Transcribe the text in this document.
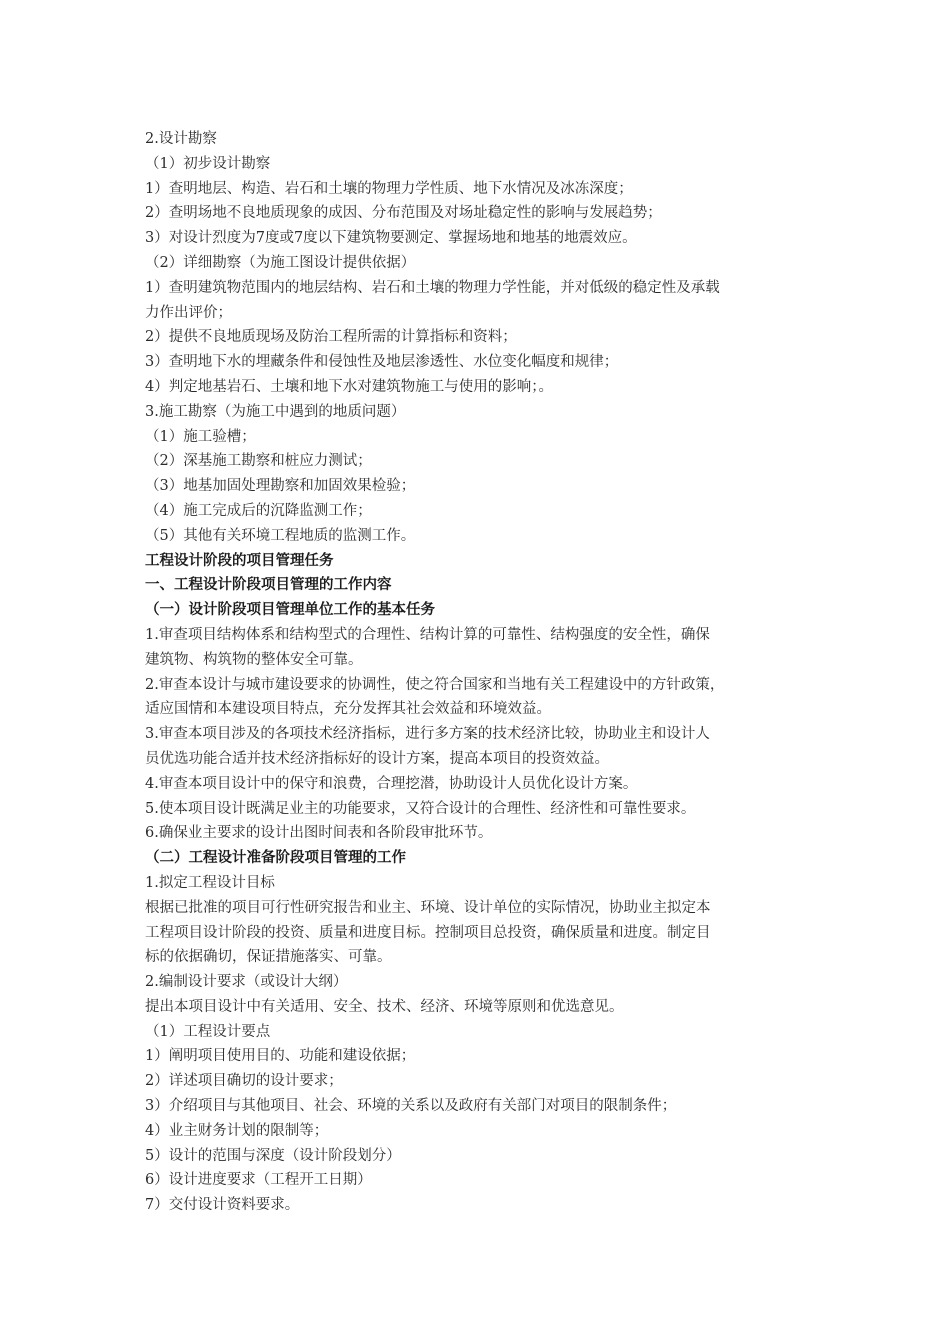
2.设计勘察

（1）初步设计勘察

1）查明地层、构造、岩石和土壤的物理力学性质、地下水情况及冰冻深度；

2）查明场地不良地质现象的成因、分布范围及对场址稳定性的影响与发展趋势；

3）对设计烈度为7度或7度以下建筑物要测定、掌握场地和地基的地震效应。

（2）详细勘察（为施工图设计提供依据）

1）查明建筑物范围内的地层结构、岩石和土壤的物理力学性能，并对低级的稳定性及承载

力作出评价；

2）提供不良地质现场及防治工程所需的计算指标和资料；

3）查明地下水的埋藏条件和侵蚀性及地层渗透性、水位变化幅度和规律；

4）判定地基岩石、土壤和地下水对建筑物施工与使用的影响；。

3.施工勘察（为施工中遇到的地质问题）

（1）施工验槽；

（2）深基施工勘察和桩应力测试；

（3）地基加固处理勘察和加固效果检验；

（4）施工完成后的沉降监测工作；

（5）其他有关环境工程地质的监测工作。

工程设计阶段的项目管理任务

一、工程设计阶段项目管理的工作内容

（一）设计阶段项目管理单位工作的基本任务

1.审查项目结构体系和结构型式的合理性、结构计算的可靠性、结构强度的安全性，确保

建筑物、构筑物的整体安全可靠。

2.审查本设计与城市建设要求的协调性，使之符合国家和当地有关工程建设中的方针政策，

适应国情和本建设项目特点，充分发挥其社会效益和环境效益。

3.审查本项目涉及的各项技术经济指标，进行多方案的技术经济比较，协助业主和设计人

员优选功能合适并技术经济指标好的设计方案，提高本项目的投资效益。

4.审查本项目设计中的保守和浪费，合理挖潜，协助设计人员优化设计方案。

5.使本项目设计既满足业主的功能要求，又符合设计的合理性、经济性和可靠性要求。

6.确保业主要求的设计出图时间表和各阶段审批环节。

（二）工程设计准备阶段项目管理的工作

1.拟定工程设计目标

根据已批准的项目可行性研究报告和业主、环境、设计单位的实际情况，协助业主拟定本

工程项目设计阶段的投资、质量和进度目标。控制项目总投资，确保质量和进度。制定目

标的依据确切，保证措施落实、可靠。

2.编制设计要求（或设计大纲）

提出本项目设计中有关适用、安全、技术、经济、环境等原则和优选意见。

（1）工程设计要点

1）阐明项目使用目的、功能和建设依据；

2）详述项目确切的设计要求；

3）介绍项目与其他项目、社会、环境的关系以及政府有关部门对项目的限制条件；

4）业主财务计划的限制等；

5）设计的范围与深度（设计阶段划分）

6）设计进度要求（工程开工日期）

7）交付设计资料要求。
